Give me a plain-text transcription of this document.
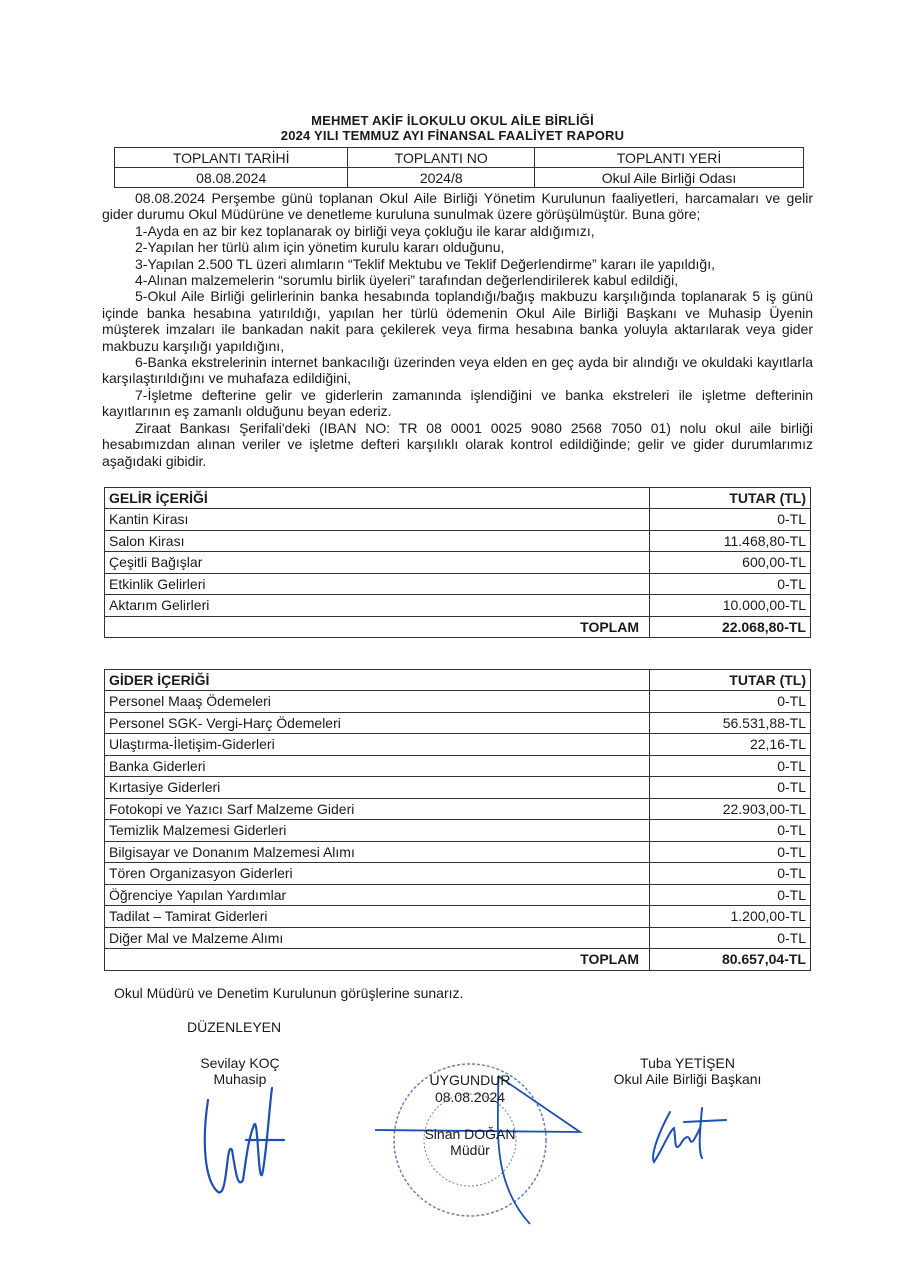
MEHMET AKİF İLOKULU OKUL AİLE BİRLİĞİ
2024 YILI TEMMUZ AYI FİNANSAL FAALİYET RAPORU
TOPLANTI TARİHİ	TOPLANTI NO	TOPLANTI YERİ
08.08.2024	2024/8	Okul Aile Birliği Odası

08.08.2024 Perşembe günü toplanan Okul Aile Birliği Yönetim Kurulunun faaliyetleri, harcamaları ve gelir gider durumu Okul Müdürüne ve denetleme kuruluna sunulmak üzere görüşülmüştür. Buna göre;

1-Ayda en az bir kez toplanarak oy birliği veya çokluğu ile karar aldığımızı,

2-Yapılan her türlü alım için yönetim kurulu kararı olduğunu,

3-Yapılan 2.500 TL üzeri alımların “Teklif Mektubu ve Teklif Değerlendirme” kararı ile yapıldığı,

4-Alınan malzemelerin “sorumlu birlik üyeleri” tarafından değerlendirilerek kabul edildiği,

5-Okul Aile Birliği gelirlerinin banka hesabında toplandığı/bağış makbuzu karşılığında toplanarak 5 iş günü içinde banka hesabına yatırıldığı, yapılan her türlü ödemenin Okul Aile Birliği Başkanı ve Muhasip Üyenin müşterek imzaları ile bankadan nakit para çekilerek veya firma hesabına banka yoluyla aktarılarak veya gider makbuzu karşılığı yapıldığını,

6-Banka ekstrelerinin internet bankacılığı üzerinden veya elden en geç ayda bir alındığı ve okuldaki kayıtlarla karşılaştırıldığını ve muhafaza edildiğini,

7-İşletme defterine gelir ve giderlerin zamanında işlendiğini ve banka ekstreleri ile işletme defterinin kayıtlarının eş zamanlı olduğunu beyan ederiz.

Ziraat Bankası Şerifali'deki (IBAN NO: TR 08 0001 0025 9080 2568 7050 01) nolu okul aile birliği hesabımızdan alınan veriler ve işletme defteri karşılıklı olarak kontrol edildiğinde; gelir ve gider durumlarımız aşağıdaki gibidir.

GELİR İÇERİĞİ	TUTAR (TL)
Kantin Kirası	0-TL
Salon Kirası	11.468,80-TL
Çeşitli Bağışlar	600,00-TL
Etkinlik Gelirleri	0-TL
Aktarım Gelirleri	10.000,00-TL
TOPLAM	22.068,80-TL
GİDER İÇERİĞİ	TUTAR (TL)
Personel Maaş Ödemeleri	0-TL
Personel SGK- Vergi-Harç Ödemeleri	56.531,88-TL
Ulaştırma-İletişim-Giderleri	22,16-TL
Banka Giderleri	0-TL
Kırtasiye Giderleri	0-TL
Fotokopi ve Yazıcı Sarf Malzeme Gideri	22.903,00-TL
Temizlik Malzemesi Giderleri	0-TL
Bilgisayar ve Donanım Malzemesi Alımı	0-TL
Tören Organizasyon Giderleri	0-TL
Öğrenciye Yapılan Yardımlar	0-TL
Tadilat – Tamirat Giderleri	1.200,00-TL
Diğer Mal ve Malzeme Alımı	0-TL
TOPLAM	80.657,04-TL
Okul Müdürü ve Denetim Kurulunun görüşlerine sunarız.
DÜZENLEYEN
Sevilay KOÇ
Muhasip	UYGUNDUR
08.08.2024
Sinan DOĞAN
Müdür
Tuba YETİŞEN
Okul Aile Birliği Başkanı
